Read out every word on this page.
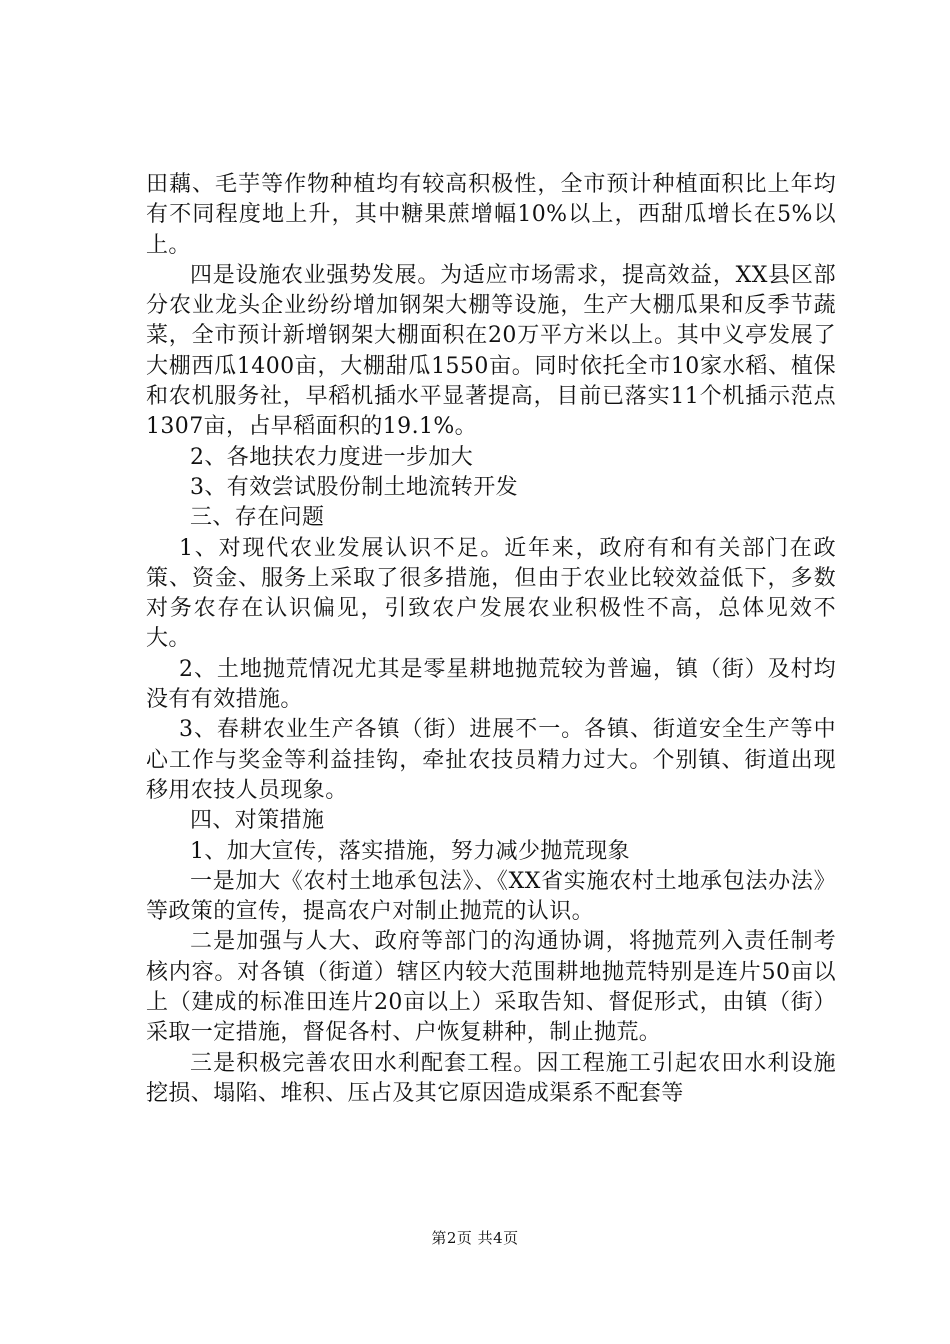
田藕、毛芋等作物种植均有较高积极性，全市预计种植面积比上年均有不同程度地上升，其中糖果蔗增幅10%以上，西甜瓜增长在5%以上。

四是设施农业强势发展。为适应市场需求，提高效益，XX县区部分农业龙头企业纷纷增加钢架大棚等设施，生产大棚瓜果和反季节蔬菜，全市预计新增钢架大棚面积在20万平方米以上。其中义亭发展了大棚西瓜1400亩，大棚甜瓜1550亩。同时依托全市10家水稻、植保和农机服务社，早稻机插水平显著提高，目前已落实11个机插示范点1307亩，占早稻面积的19.1%。

2、各地扶农力度进一步加大

3、有效尝试股份制土地流转开发

三、存在问题

1、对现代农业发展认识不足。近年来，政府有和有关部门在政策、资金、服务上采取了很多措施，但由于农业比较效益低下，多数对务农存在认识偏见，引致农户发展农业积极性不高，总体见效不大。

2、土地抛荒情况尤其是零星耕地抛荒较为普遍，镇（街）及村均没有有效措施。

3、春耕农业生产各镇（街）进展不一。各镇、街道安全生产等中心工作与奖金等利益挂钩，牵扯农技员精力过大。个别镇、街道出现移用农技人员现象。

四、对策措施

1、加大宣传，落实措施，努力减少抛荒现象

一是加大《农村土地承包法》、《XX省实施农村土地承包法办法》等政策的宣传，提高农户对制止抛荒的认识。

二是加强与人大、政府等部门的沟通协调，将抛荒列入责任制考核内容。对各镇（街道）辖区内较大范围耕地抛荒特别是连片50亩以上（建成的标准田连片20亩以上）采取告知、督促形式，由镇（街）采取一定措施，督促各村、户恢复耕种，制止抛荒。

三是积极完善农田水利配套工程。因工程施工引起农田水利设施挖损、塌陷、堆积、压占及其它原因造成渠系不配套等

第2页 共4页
